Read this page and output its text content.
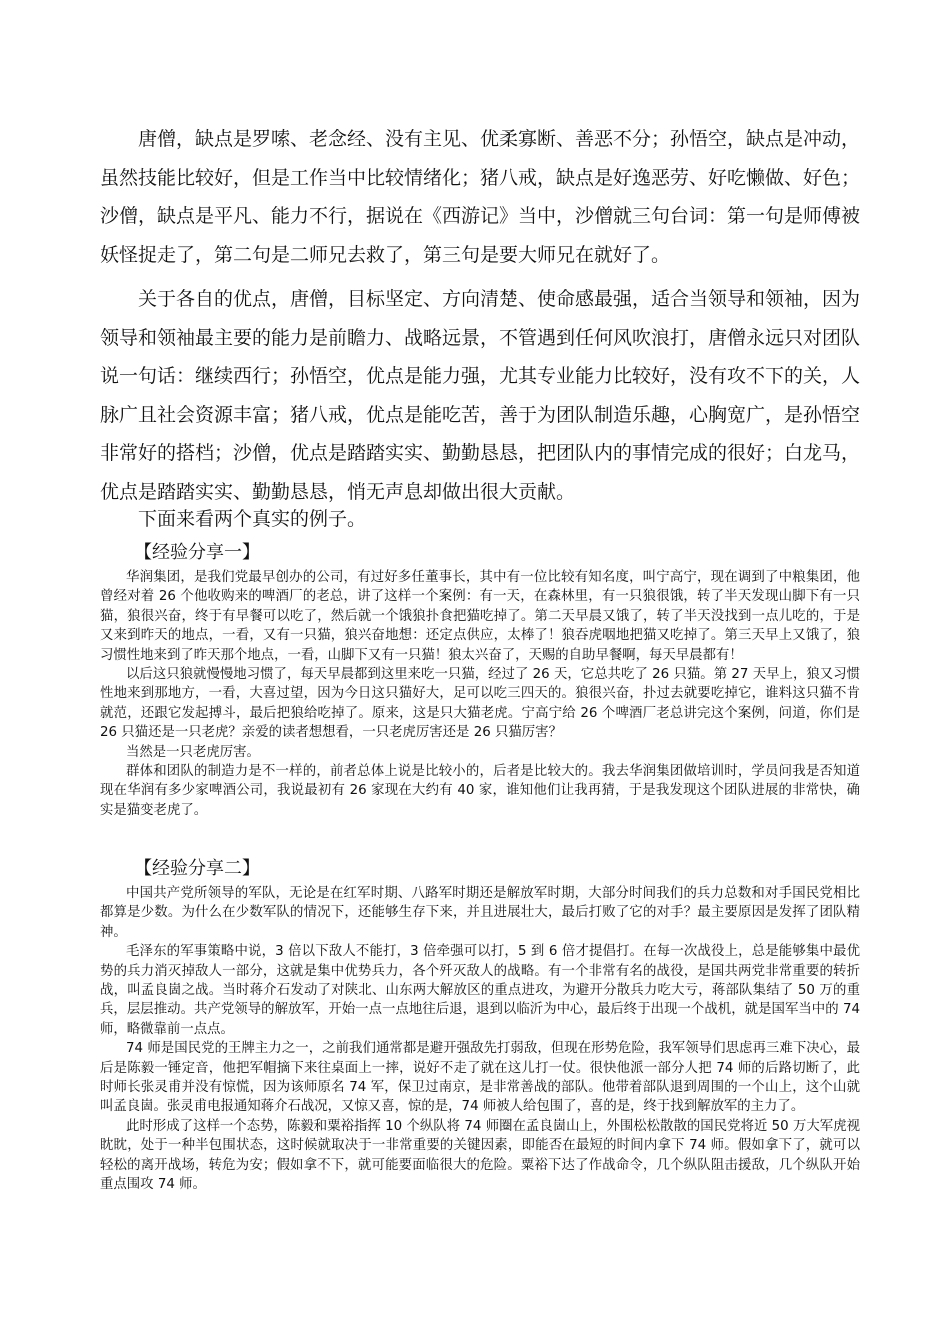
唐僧，缺点是罗嗦、老念经、没有主见、优柔寡断、善恶不分；孙悟空，缺点是冲动，虽然技能比较好，但是工作当中比较情绪化；猪八戒，缺点是好逸恶劳、好吃懒做、好色；沙僧，缺点是平凡、能力不行，据说在《西游记》当中，沙僧就三句台词：第一句是师傅被妖怪捉走了，第二句是二师兄去救了，第三句是要大师兄在就好了。

关于各自的优点，唐僧，目标坚定、方向清楚、使命感最强，适合当领导和领袖，因为领导和领袖最主要的能力是前瞻力、战略远景，不管遇到任何风吹浪打，唐僧永远只对团队说一句话：继续西行；孙悟空，优点是能力强，尤其专业能力比较好，没有攻不下的关，人脉广且社会资源丰富；猪八戒，优点是能吃苦，善于为团队制造乐趣，心胸宽广，是孙悟空非常好的搭档；沙僧，优点是踏踏实实、勤勤恳恳，把团队内的事情完成的很好；白龙马，优点是踏踏实实、勤勤恳恳，悄无声息却做出很大贡献。

下面来看两个真实的例子。

【经验分享一】

华润集团，是我们党最早创办的公司，有过好多任董事长，其中有一位比较有知名度，叫宁高宁，现在调到了中粮集团，他曾经对着 26 个他收购来的啤酒厂的老总，讲了这样一个案例：有一天，在森林里，有一只狼很饿，转了半天发现山脚下有一只猫，狼很兴奋，终于有早餐可以吃了，然后就一个饿狼扑食把猫吃掉了。第二天早晨又饿了，转了半天没找到一点儿吃的，于是又来到昨天的地点，一看，又有一只猫，狼兴奋地想：还定点供应，太棒了！狼吞虎咽地把猫又吃掉了。第三天早上又饿了，狼习惯性地来到了昨天那个地点，一看，山脚下又有一只猫！狼太兴奋了，天赐的自助早餐啊，每天早晨都有！

以后这只狼就慢慢地习惯了，每天早晨都到这里来吃一只猫，经过了 26 天，它总共吃了 26 只猫。第 27 天早上，狼又习惯性地来到那地方，一看，大喜过望，因为今日这只猫好大，足可以吃三四天的。狼很兴奋，扑过去就要吃掉它，谁料这只猫不肯就范，还跟它发起搏斗，最后把狼给吃掉了。原来，这是只大猫老虎。宁高宁给 26 个啤酒厂老总讲完这个案例，问道，你们是 26 只猫还是一只老虎？亲爱的读者想想看，一只老虎厉害还是 26 只猫厉害？

当然是一只老虎厉害。

群体和团队的制造力是不一样的，前者总体上说是比较小的，后者是比较大的。我去华润集团做培训时，学员问我是否知道现在华润有多少家啤酒公司，我说最初有 26 家现在大约有 40 家，谁知他们让我再猜，于是我发现这个团队进展的非常快，确实是猫变老虎了。

【经验分享二】

中国共产党所领导的军队，无论是在红军时期、八路军时期还是解放军时期，大部分时间我们的兵力总数和对手国民党相比都算是少数。为什么在少数军队的情况下，还能够生存下来，并且进展壮大，最后打败了它的对手？最主要原因是发挥了团队精神。

毛泽东的军事策略中说，3 倍以下敌人不能打，3 倍牵强可以打，5 到 6 倍才提倡打。在每一次战役上，总是能够集中最优势的兵力消灭掉敌人一部分，这就是集中优势兵力，各个歼灭敌人的战略。有一个非常有名的战役，是国共两党非常重要的转折战，叫孟良崮之战。当时蒋介石发动了对陕北、山东两大解放区的重点进攻，为避开分散兵力吃大亏，蒋部队集结了 50 万的重兵，层层推动。共产党领导的解放军，开始一点一点地往后退，退到以临沂为中心，最后终于出现一个战机，就是国军当中的 74 师，略微靠前一点点。

74 师是国民党的王牌主力之一，之前我们通常都是避开强敌先打弱敌，但现在形势危险，我军领导们思虑再三难下决心，最后是陈毅一锤定音，他把军帽摘下来往桌面上一摔，说好不走了就在这儿打一仗。很快他派一部分人把 74 师的后路切断了，此时师长张灵甫并没有惊慌，因为该师原名 74 军，保卫过南京，是非常善战的部队。他带着部队退到周围的一个山上，这个山就叫孟良崮。张灵甫电报通知蒋介石战况，又惊又喜，惊的是，74 师被人给包围了，喜的是，终于找到解放军的主力了。

此时形成了这样一个态势，陈毅和粟裕指挥 10 个纵队将 74 师圈在孟良崮山上，外围松松散散的国民党将近 50 万大军虎视眈眈，处于一种半包围状态，这时候就取决于一非常重要的关键因素，即能否在最短的时间内拿下 74 师。假如拿下了，就可以轻松的离开战场，转危为安；假如拿不下，就可能要面临很大的危险。粟裕下达了作战命令，几个纵队阻击援敌，几个纵队开始重点围攻 74 师。
